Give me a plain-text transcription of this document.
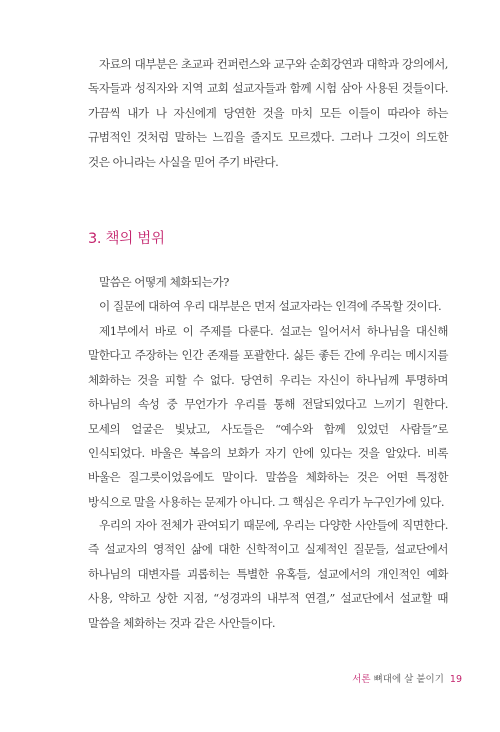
자료의 대부분은 초교파 컨퍼런스와 교구와 순회강연과 대학과 강의에서, 독자들과 성직자와 지역 교회 설교자들과 함께 시험 삼아 사용된 것들이다. 가끔씩 내가 나 자신에게 당연한 것을 마치 모든 이들이 따라야 하는 규범적인 것처럼 말하는 느낌을 줄지도 모르겠다. 그러나 그것이 의도한 것은 아니라는 사실을 믿어 주기 바란다.

3. 책의 범위

말씀은 어떻게 체화되는가?

이 질문에 대하여 우리 대부분은 먼저 설교자라는 인격에 주목할 것이다.

제1부에서 바로 이 주제를 다룬다. 설교는 일어서서 하나님을 대신해 말한다고 주장하는 인간 존재를 포괄한다. 싫든 좋든 간에 우리는 메시지를 체화하는 것을 피할 수 없다. 당연히 우리는 자신이 하나님께 투명하며 하나님의 속성 중 무언가가 우리를 통해 전달되었다고 느끼기 원한다. 모세의 얼굴은 빛났고, 사도들은 “예수와 함께 있었던 사람들”로 인식되었다. 바울은 복음의 보화가 자기 안에 있다는 것을 알았다. 비록 바울은 질그릇이었음에도 말이다. 말씀을 체화하는 것은 어떤 특정한 방식으로 말을 사용하는 문제가 아니다. 그 핵심은 우리가 누구인가에 있다.

우리의 자아 전체가 관여되기 때문에, 우리는 다양한 사안들에 직면한다. 즉 설교자의 영적인 삶에 대한 신학적이고 실제적인 질문들, 설교단에서 하나님의 대변자를 괴롭히는 특별한 유혹들, 설교에서의 개인적인 예화 사용, 약하고 상한 지점, “성경과의 내부적 연결,” 설교단에서 설교할 때 말씀을 체화하는 것과 같은 사안들이다.

서론 뼈대에 살 붙이기 19
